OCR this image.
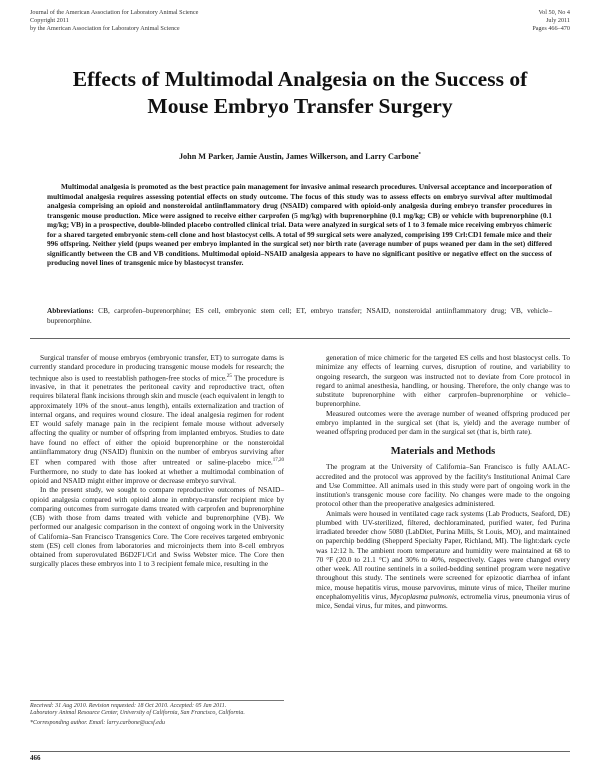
Journal of the American Association for Laboratory Animal Science
Copyright 2011
by the American Association for Laboratory Animal Science
Vol 50, No 4
July 2011
Pages 466–470
Effects of Multimodal Analgesia on the Success of
Mouse Embryo Transfer Surgery
John M Parker, Jamie Austin, James Wilkerson, and Larry Carbone*

Multimodal analgesia is promoted as the best practice pain management for invasive animal research procedures. Universal acceptance and incorporation of multimodal analgesia requires assessing potential effects on study outcome. The focus of this study was to assess effects on embryo survival after multimodal analgesia comprising an opioid and nonsteroidal antiinflammatory drug (NSAID) compared with opioid-only analgesia during embryo transfer procedures in transgenic mouse production. Mice were assigned to receive either carprofen (5 mg/kg) with buprenorphine (0.1 mg/kg; CB) or vehicle with buprenorphine (0.1 mg/kg; VB) in a prospective, double-blinded placebo controlled clinical trial. Data were analyzed in surgical sets of 1 to 3 female mice receiving embryos chimeric for a shared targeted embryonic stem-cell clone and host blastocyst cells. A total of 99 surgical sets were analyzed, comprising 199 Crl:CD1 female mice and their 996 offspring. Neither yield (pups weaned per embryo implanted in the surgical set) nor birth rate (average number of pups weaned per dam in the set) differed significantly between the CB and VB conditions. Multimodal opioid–NSAID analgesia appears to have no significant positive or negative effect on the success of producing novel lines of transgenic mice by blastocyst transfer.

Abbreviations: CB, carprofen–buprenorphine; ES cell, embryonic stem cell; ET, embryo transfer; NSAID, nonsteroidal antiinflammatory drug; VB, vehicle–buprenorphine.

Surgical transfer of mouse embryos (embryonic transfer, ET) to surrogate dams is currently standard procedure in producing transgenic mouse models for research; the technique also is used to reestablish pathogen-free stocks of mice.$^{25}$ The procedure is invasive, in that it penetrates the peritoneal cavity and reproductive tract, often requires bilateral flank incisions through skin and muscle (each equivalent in length to approximately 10% of the snout–anus length), entails externalization and traction of internal organs, and requires wound closure. The ideal analgesia regimen for rodent ET would safely manage pain in the recipient female mouse without adversely affecting the quality or number of offspring from implanted embryos. Studies to date have found no effect of either the opioid buprenorphine or the nonsteroidal antiinflammatory drug (NSAID) flunixin on the number of embryos surviving after ET when compared with those after untreated or saline-placebo mice.$^{17,20}$ Furthermore, no study to date has looked at whether a multimodal combination of opioid and NSAID might either improve or decrease embryo survival.

In the present study, we sought to compare reproductive outcomes of NSAID–opioid analgesia compared with opioid alone in embryo-transfer recipient mice by comparing outcomes from surrogate dams treated with carprofen and buprenorphine (CB) with those from dams treated with vehicle and buprenorphine (VB). We performed our analgesic comparison in the context of ongoing work in the University of California–San Francisco Transgenics Core. The Core receives targeted embryonic stem (ES) cell clones from laboratories and microinjects them into 8-cell embryos obtained from superovulated B6D2F1/Crl and Swiss Webster mice. The Core then surgically places these embryos into 1 to 3 recipient female mice, resulting in the

generation of mice chimeric for the targeted ES cells and host blastocyst cells. To minimize any effects of learning curves, disruption of routine, and variability to ongoing research, the surgeon was instructed not to deviate from Core protocol in regard to animal anesthesia, handling, or housing. Therefore, the only change was to substitute buprenorphine with either carprofen–buprenorphine or vehicle–buprenorphine.

Measured outcomes were the average number of weaned offspring produced per embryo implanted in the surgical set (that is, yield) and the average number of weaned offspring produced per dam in the surgical set (that is, birth rate).

Materials and Methods

The program at the University of California–San Francisco is fully AALAC-accredited and the protocol was approved by the facility's Institutional Animal Care and Use Committee. All animals used in this study were part of ongoing work in the institution's transgenic mouse core facility. No changes were made to the ongoing protocol other than the preoperative analgesics administered.

Animals were housed in ventilated cage rack systems (Lab Products, Seaford, DE) plumbed with UV-sterilized, filtered, dechloraminated, purified water, fed Purina irradiated breeder chow 5080 (LabDiet, Purina Mills, St Louis, MO), and maintained on paperchip bedding (Shepperd Specialty Paper, Richland, MI). The light:dark cycle was 12:12 h. The ambient room temperature and humidity were maintained at 68 to 70 °F (20.0 to 21.1 °C) and 30% to 40%, respectively. Cages were changed every other week. All routine sentinels in a soiled-bedding sentinel program were negative throughout this study. The sentinels were screened for epizootic diarrhea of infant mice, mouse hepatitis virus, mouse parvovirus, minute virus of mice, Theiler murine encephalomyelitis virus, Mycoplasma pulmonis, ectromelia virus, pneumonia virus of mice, Sendai virus, fur mites, and pinworms.

Received: 31 Aug 2010. Revision requested: 18 Oct 2010. Accepted: 05 Jan 2011.
Laboratory Animal Resource Center, University of California, San Francisco, California.
*Corresponding author. Email: larry.carbone@ucsf.edu
466
